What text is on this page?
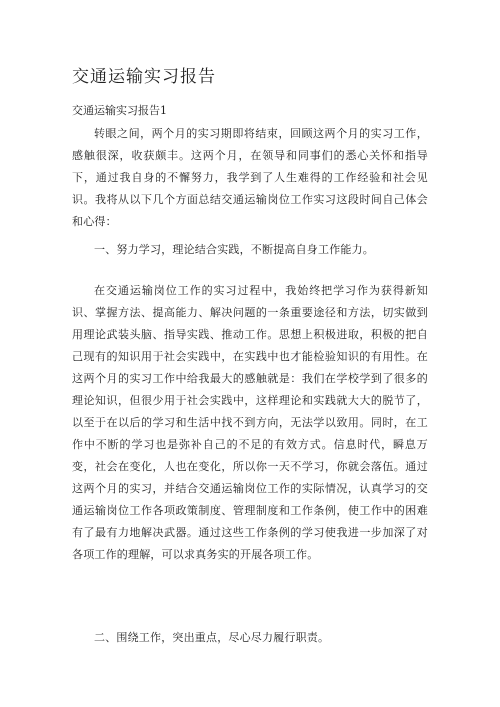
交通运输实习报告
交通运输实习报告1

转眼之间，两个月的实习期即将结束，回顾这两个月的实习工作，感触很深，收获颇丰。这两个月，在领导和同事们的悉心关怀和指导下，通过我自身的不懈努力，我学到了人生难得的工作经验和社会见识。我将从以下几个方面总结交通运输岗位工作实习这段时间自己体会和心得：

一、努力学习，理论结合实践，不断提高自身工作能力。

在交通运输岗位工作的实习过程中，我始终把学习作为获得新知识、掌握方法、提高能力、解决问题的一条重要途径和方法，切实做到用理论武装头脑、指导实践、推动工作。思想上积极进取，积极的把自己现有的知识用于社会实践中，在实践中也才能检验知识的有用性。在这两个月的实习工作中给我最大的感触就是：我们在学校学到了很多的理论知识，但很少用于社会实践中，这样理论和实践就大大的脱节了，以至于在以后的学习和生活中找不到方向，无法学以致用。同时，在工作中不断的学习也是弥补自己的不足的有效方式。信息时代，瞬息万变，社会在变化，人也在变化，所以你一天不学习，你就会落伍。通过这两个月的实习，并结合交通运输岗位工作的实际情况，认真学习的交通运输岗位工作各项政策制度、管理制度和工作条例，使工作中的困难有了最有力地解决武器。通过这些工作条例的学习使我进一步加深了对各项工作的理解，可以求真务实的开展各项工作。

二、围绕工作，突出重点，尽心尽力履行职责。
